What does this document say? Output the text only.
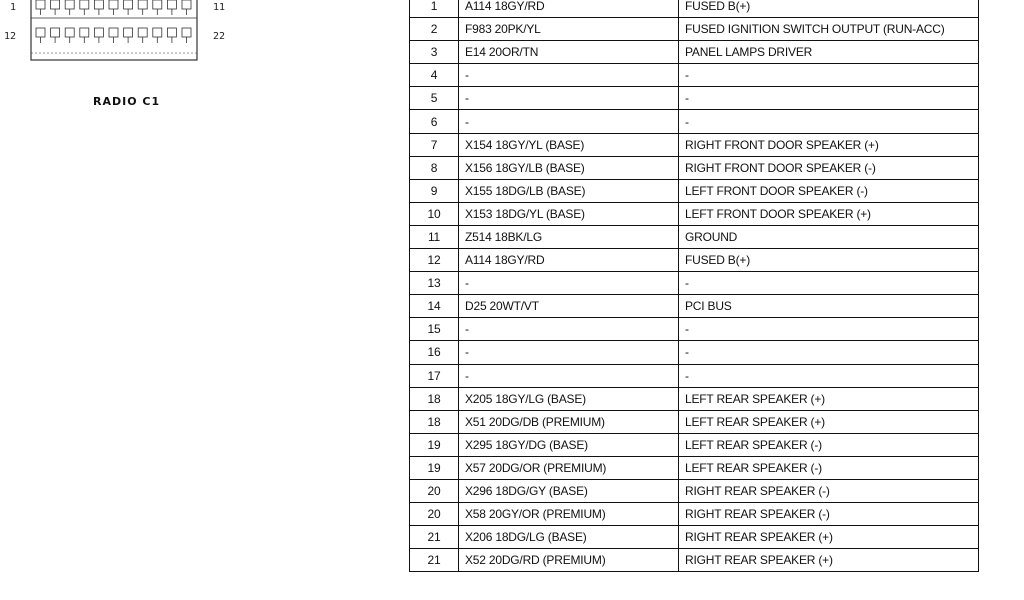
1	11
12	22
RADIO C1
1	A114 18GY/RD	FUSED B(+)
2	F983 20PK/YL	FUSED IGNITION SWITCH OUTPUT (RUN-ACC)
3	E14 20OR/TN	PANEL LAMPS DRIVER
4	-	-
5	-	-
6	-	-
7	X154 18GY/YL (BASE)	RIGHT FRONT DOOR SPEAKER (+)
8	X156 18GY/LB (BASE)	RIGHT FRONT DOOR SPEAKER (-)
9	X155 18DG/LB (BASE)	LEFT FRONT DOOR SPEAKER (-)
10	X153 18DG/YL (BASE)	LEFT FRONT DOOR SPEAKER (+)
11	Z514 18BK/LG	GROUND
12	A114 18GY/RD	FUSED B(+)
13	-	-
14	D25 20WT/VT	PCI BUS
15	-	-
16	-	-
17	-	-
18	X205 18GY/LG (BASE)	LEFT REAR SPEAKER (+)
18	X51 20DG/DB (PREMIUM)	LEFT REAR SPEAKER (+)
19	X295 18GY/DG (BASE)	LEFT REAR SPEAKER (-)
19	X57 20DG/OR (PREMIUM)	LEFT REAR SPEAKER (-)
20	X296 18DG/GY (BASE)	RIGHT REAR SPEAKER (-)
20	X58 20GY/OR (PREMIUM)	RIGHT REAR SPEAKER (-)
21	X206 18DG/LG (BASE)	RIGHT REAR SPEAKER (+)
21	X52 20DG/RD (PREMIUM)	RIGHT REAR SPEAKER (+)
